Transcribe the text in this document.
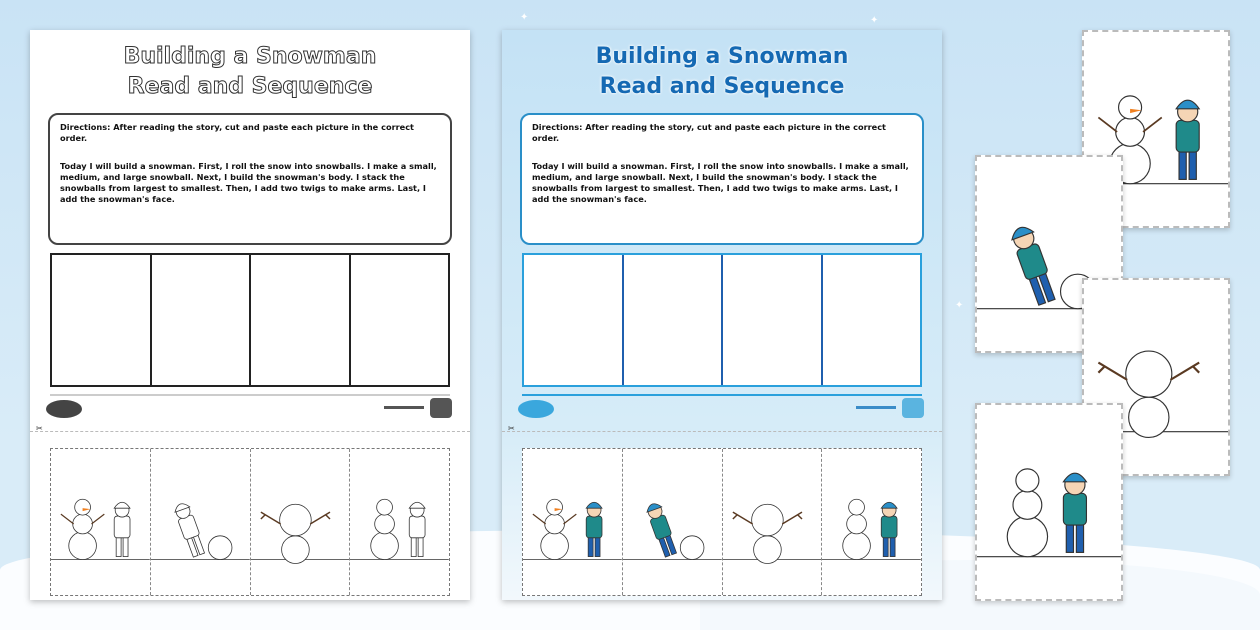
✦	✦
✦
Building a Snowman
Read and Sequence

Directions: After reading the story, cut and paste each picture in the correct order.

Today I will build a snowman. First, I roll the snow into snowballs. I make a small, medium, and large snowball. Next, I build the snowman's body. I stack the snowballs from largest to smallest. Then, I add two twigs to make arms. Last, I add the snowman's face.

✂
Building a Snowman
Read and Sequence

Directions: After reading the story, cut and paste each picture in the correct order.

Today I will build a snowman. First, I roll the snow into snowballs. I make a small, medium, and large snowball. Next, I build the snowman's body. I stack the snowballs from largest to smallest. Then, I add two twigs to make arms. Last, I add the snowman's face.

✂
